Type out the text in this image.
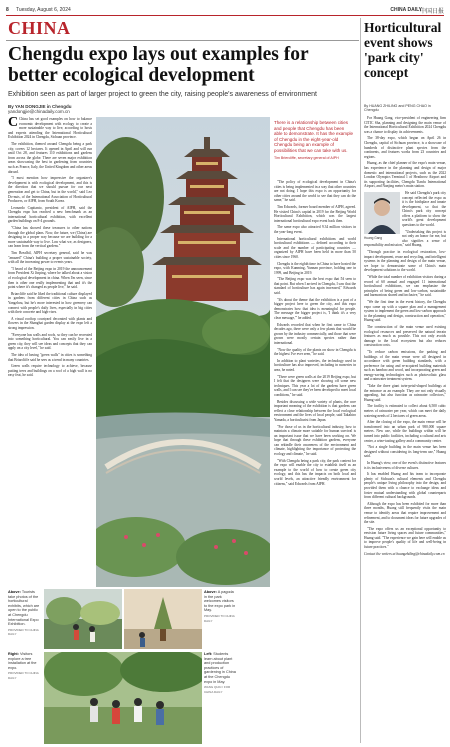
8 Tuesday, August 6, 2024	CHINA DAILY
中国日报
CHINA
Chengdu expo lays out examples for better ecological development
Exhibition seen as part of larger project to green the city, raising people's awareness of environment
By YAN DONGJIE in Chengdu
yandongjie@chinadaily.com.cn

C China has set good examples on how to balance economic development with ecology to create a more sustainable way to live, according to hosts and experts attending the International Horticultural Exhibition 2024 in Chengdu, Sichuan province.

The exhibition, themed around Chengdu being a park city, covers 12 hectares. It opened in April and will run until Oct 28, and features 110 exhibitions and gardens from across the globe. There are seven major exhibition areas showcasing the best in gardening from countries such as France, Italy, the United Kingdom and other areas abroad.

"I most mention how impressive the organizer's development is with ecological development, and this is the direction that we should pursue for our next generation and get to China, but in the world," said Leo Do-nuts, of the International Association of Horticultural Producers, or AIPH, from South Korea.

Leonardo Capitanio, president of AIPH, said the Chengdu expo has reached a new benchmark as an international horticultural exhibition, with excellent garden buildings on 8-4 grounds.

"China has showed these treasures to other nations through the global plans. Now, the future, we (China) are designing in a proper way because we are building for a more sustainable way to live. Law what we, as designers, can learn from the vertical gardens."

Tim Brealbil, AIPH secretary general, said he was "amazed" China's building a proper sustainable society, with all the increasing power to events years.

"I heard of the Beijing expo in 2019 the announcement from President Xi Jinping, where he talked about a vision of ecological development in china. When I'm seen, since then is other one really implementing that and it's the point where it's changed as people live," he said.

Briarcliffe said he liked the traditional culture displayed in gardens from different cities in China such as Yangzhou, but he's more interested in how greenery can connect with people's daily lives, especially in big cities with their concrete and high-rises.

A visual rooftop courtyard decorated with plants and flowers in the Shanghai garden display at the expo left a strong impression.

"Everyone has walls and roofs, so they can be recreated into something horticultural. You can easily live in a green city, they will see ideas and concepts that they can apply on a city level," he said.

The idea of having "green walls" in cities is something that Briarcliffe said he sees as a trend in many countries.

Green walls require technology to achieve, because putting trees and buildings on a roof of a high wall is no easy feat, he said.

There is a relationship between cities and people that Chengdu has been able to demonstrate. It has the example of Chengdu in the eight-year-old Chengdu being an example of possibilities that we can take with us.
Tim Briercliffe, secretary general of AIPH

"The policy of ecological development in China's cities is being implemented in a way that other countries are not doing. I hope this expo is an opportunity for other cities around the world to see that they can do the same," he said.

Tim Edwards, former board member of AIPH, agreed. He visited China's capital in 2019 for the Beijing World Horticultural Exhibition, which was the largest international horticultural expo event back then.

The same expo also attracted 9.34 million visitors in the year-long event.

International horticultural exhibitions and world horticultural exhibitions — defined according to their scale and the number of participating countries — organized by AIPH have been held in more than 50 cities since 1960.

Chengdu is the eighth time in China to have hosted the expo, with Kunming, Yunnan province, holding one in 1999, and Beijing in 2019.

"The Beijing expo was the best expo that I'd seen to that point. But when I arrived in Chengdu, I saw that the standard of horticulture has again increased," Edwards said.

"It's about the theme that the exhibition is a part of a bigger project here to green the city, and this expo demonstrates how that idea is meaningful for people. The message the bigger project is, 'I think it's a very clear message,'" he added.

Edwards recorded that when he first came to China decades ago, there were only a few plants that would be grown by the industry commercially, and those that were grown were mostly certain species rather than international.

"Now the quality of the plants on show in Chengdu is the highest I've ever seen," he said.

In addition to plant varieties, the technology used in horticulture has also improved, including in nurseries in area, he noted.

"There were green walls at the 2019 Beijing expo, but I felt that the designers were showing off some new techniques. This year a lot of the gardens have green walls, and I can see they've been developed to meet local conditions," he said.

Besides discussing a wide variety of plants, the core important meaning of the exhibition is that gardens can reflect a close relationship between the local ecological environment and the lives of local people, said Takahiro Yamada, a horticulturist from Japan.

"For those of us in the horticultural industry, how to maintain a climate more suitable for human survival is an important issue that we have been working on. We hope that through these exhibition gardens, everyone can rekindle their awareness of the environment and climate, highlighting the importance of protecting the ecology and climate," he said.

"With Chengdu being a park city, the park content for the expo will enable the city to establish itself as an example to the world of how to create green city ecology, and this has the impacts on both local and world levels, an attractive friendly environment for citizens," said Edwards from AIPH.

Above: Tourists take photos of the horticultural exhibits, which are open to the public at Chengdu International Expo Exhibition.
PROVIDED TO CHINA DAILY
Above: A pagoda in the park welcomes visitors to the expo park in May.
PROVIDED TO CHINA DAILY
Right: Visitors explore a tree installation at the expo.
PROVIDED TO CHINA DAILY
Left: Students learn about plant and production practices of gardening in China at the Chengdu expo in May.
WANG QIAN / FOR CHINA DAILY
Horticultural event shows 'park city' concept
By HUANG ZHILING and PENG CHAO in Chengdu

For Huang Gang, vice-president of engineering firm CITIC Sha, planning and designing the main venue of the International Horticultural Exhibition 2024 Chengdu was a chance to display its achievements.

The 38-day expo, which began on April 26 in Chengdu, capital of Sichuan province, is a showcase of hundreds of distinctive plant species from the continents, and features works from 23 countries and regions.

Huang, as the chief planner of the expo's main venue, has experience in the planning and design of major domestic and international projects, such as the 2022 London Olympics Terminal 1 of Heathrow Airport and its supporting facilities, Chengdu Tianfu International Airport, and Nanjing metro's main station.

Huang Gang

He said Chengdu's park city concept reflected the expo as it is the birthplace and innate development, so that the China's park city concept offers a platform to show the world's great development questions to the world.

"Undertaking this project is not only an honor for me, but also signifies a sense of responsibility and mission," said Huang.

"Through practice in ecological restoration, low-impact development, reuse and recycling, and intelligent systems in the planning and design of the main venue, we hope to demonstrate some of China's main development solutions to the world.

"While the total number of exhibition visitors during a record of 60 annual and engaged 11 international horticultural exhibitions, we can emphasize the principles of being green and low-carbon, sustainable and harmonious shared and inclusive," he said.

"We the first time in the event history, the Chengdu expo came up with a square plan and a management system to implement the green and low-carbon approach to the planning and design, construction and operation," Huang said.

The construction of the main venue used existing ecological resources and preserved the natural terrain features as much as possible. This not only avoids damage to the local ecosystem but also reduces construction costs.

"To reduce carbon emissions, the parking and buildings of the main venue were all designed in accordance with green building standards, with a preference for using and re-acquired building materials such as bamboo and wood, and incorporating green and energy-saving technologies such as photovoltaic glass and a rainwater treatment system.

"Take the three giant twin-petal-shaped buildings at the entrance as an example. They are not only visually appealing, but also function as rainwater collectors," Huang said.

The facility is estimated to collect about 6,500 cubic meters of rainwater per year, which can meet the daily watering needs of 2 hectares of green areas.

After the closing of the expo, the main venue will be transformed into an urban park of 980,000 square meters. New use, while the buildings within will be turned into public facilities, including a cultural and arts center, a wine-tasting gallery and a community center.

"Not a single building in the main venue has been designed without considering its long-term use," Huang said.

In Huang's view, one of the event's distinctive features is its inclusiveness of diverse cultures.

It has enabled Huang and his team to incorporate plenty of Sichuan's cultural elements and Chengdu people's unique living philosophy into the design, and provided them with a chance to exchange ideas and foster mutual understanding with global counterparts from different cultural backgrounds.

Although the expo has been exhibited for more than three months, Huang still frequently visits the main venue to identify areas that require improvement and refinement, and to document ideas for future upgrades of the site.

"The expo offers us an exceptional opportunity to envision future living spaces and future communities," Huang said. "The experience we gain here will enable us to improve people's quality of life and well-being in future practices."

Contact the writers at huangzhiling@chinadaily.com.cn
